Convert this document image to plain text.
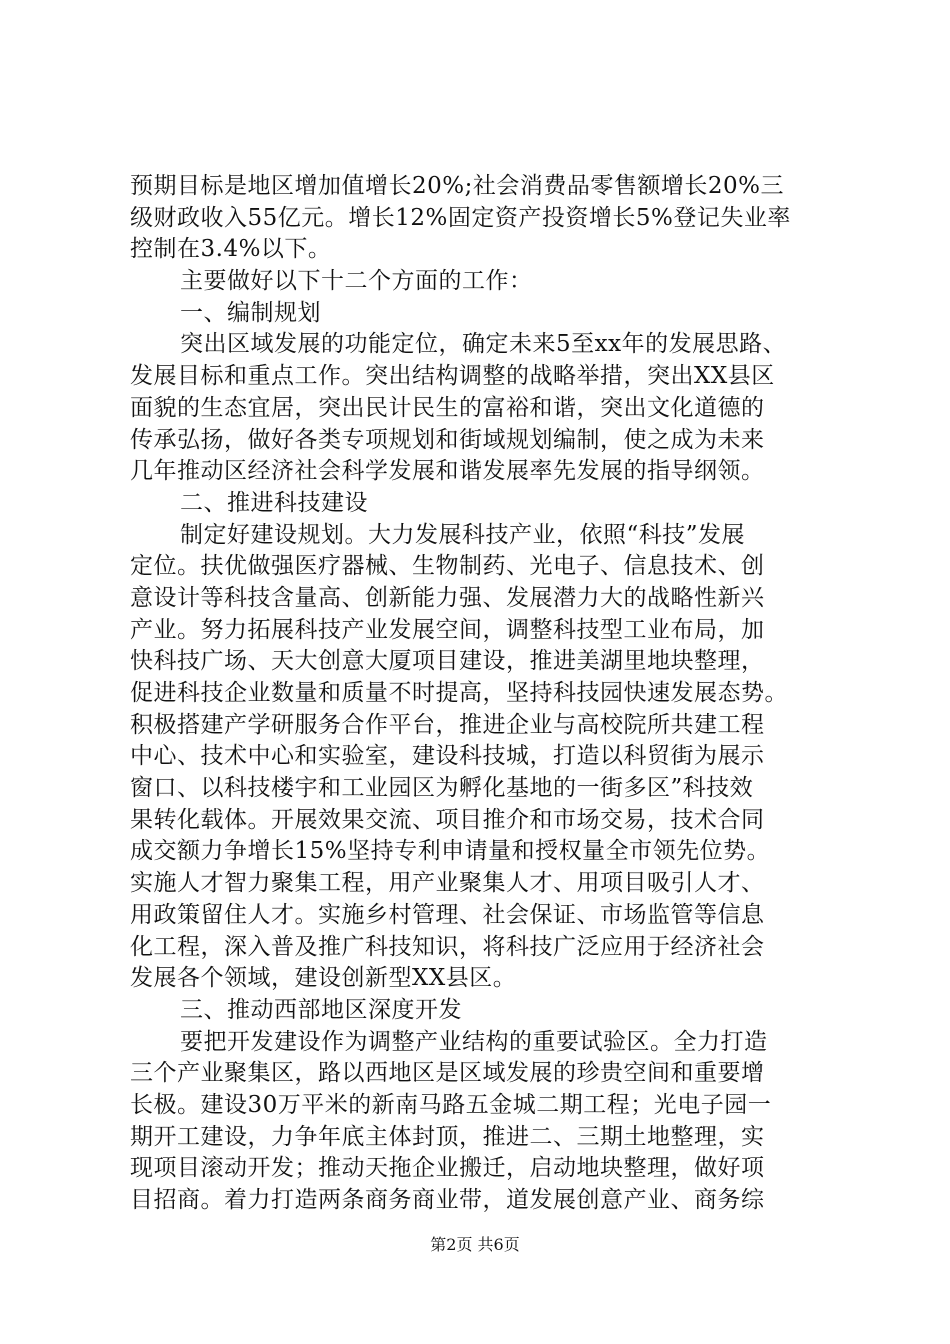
预期目标是地区增加值增长20%;社会消费品零售额增长20%三
级财政收入55亿元。增长12%固定资产投资增长5%登记失业率
控制在3.4%以下。
主要做好以下十二个方面的工作：
一、编制规划
突出区域发展的功能定位，确定未来5至xx年的发展思路、
发展目标和重点工作。突出结构调整的战略举措，突出XX县区
面貌的生态宜居，突出民计民生的富裕和谐，突出文化道德的
传承弘扬，做好各类专项规划和街域规划编制，使之成为未来
几年推动区经济社会科学发展和谐发展率先发展的指导纲领。
二、推进科技建设
制定好建设规划。大力发展科技产业，依照“科技”发展
定位。扶优做强医疗器械、生物制药、光电子、信息技术、创
意设计等科技含量高、创新能力强、发展潜力大的战略性新兴
产业。努力拓展科技产业发展空间，调整科技型工业布局，加
快科技广场、天大创意大厦项目建设，推进美湖里地块整理，
促进科技企业数量和质量不时提高，坚持科技园快速发展态势。
积极搭建产学研服务合作平台，推进企业与高校院所共建工程
中心、技术中心和实验室，建设科技城，打造以科贸街为展示
窗口、以科技楼宇和工业园区为孵化基地的一街多区”科技效
果转化载体。开展效果交流、项目推介和市场交易，技术合同
成交额力争增长15%坚持专利申请量和授权量全市领先位势。
实施人才智力聚集工程，用产业聚集人才、用项目吸引人才、
用政策留住人才。实施乡村管理、社会保证、市场监管等信息
化工程，深入普及推广科技知识，将科技广泛应用于经济社会
发展各个领域，建设创新型XX县区。
三、推动西部地区深度开发
要把开发建设作为调整产业结构的重要试验区。全力打造
三个产业聚集区，路以西地区是区域发展的珍贵空间和重要增
长极。建设30万平米的新南马路五金城二期工程；光电子园一
期开工建设，力争年底主体封顶，推进二、三期土地整理，实
现项目滚动开发；推动天拖企业搬迁，启动地块整理，做好项
目招商。着力打造两条商务商业带，道发展创意产业、商务综
第2页 共6页
